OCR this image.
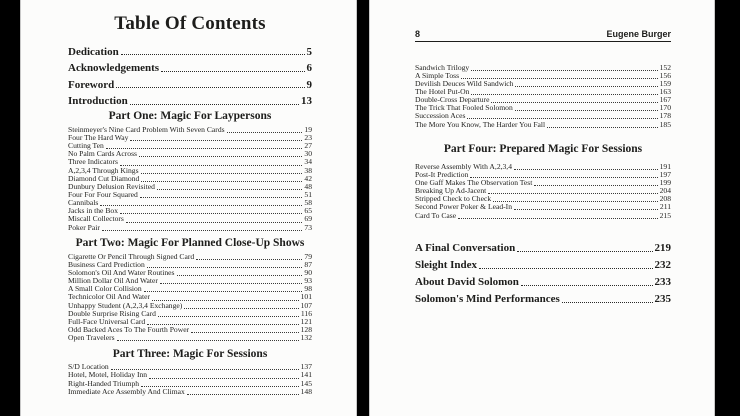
Table Of Contents
Dedication	5
Acknowledgements	6
Foreword	9
Introduction	13
Part One: Magic For Laypersons
Steinmeyer's Nine Card Problem With Seven Cards	19
Four The Hard Way	23
Cutting Ten	27
No Palm Cards Across	30
Three Indicators	34
A,2,3,4 Through Kings	38
Diamond Cut Diamond	42
Dunbury Delusion Revisited	48
Four For Four Squared	51
Cannibals	58
Jacks in the Box	65
Miscall Collectors	69
Poker Pair	73
Part Two: Magic For Planned Close-Up Shows
Cigarette Or Pencil Through Signed Card	79
Business Card Prediction	87
Solomon's Oil And Water Routines	90
Million Dollar Oil And Water	93
A Small Color Collision	98
Technicolor Oil And Water	101
Unhappy Student (A,2,3,4 Exchange)	107
Double Surprise Rising Card	116
Full-Face Universal Card	121
Odd Backed Aces To The Fourth Power	128
Open Travelers	132
Part Three: Magic For Sessions
S/D Location	137
Hotel, Motel, Holiday Inn	141
Right-Handed Triumph	145
Immediate Ace Assembly And Climax	148
8	Eugene Burger
Sandwich Trilogy	152
A Simple Toss	156
Devilish Deuces Wild Sandwich	159
The Hotel Put-On	163
Double-Cross Departure	167
The Trick That Fooled Solomon	170
Succession Aces	178
The More You Know, The Harder You Fall	185
Part Four: Prepared Magic For Sessions
Reverse Assembly With A,2,3,4	191
Post-It Prediction	197
One Gaff Makes The Observation Test	199
Breaking Up Ad-Jacent	204
Stripped Check to Check	208
Second Power Poker & Lead-In	211
Card To Case	215
A Final Conversation	219
Sleight Index	232
About David Solomon	233
Solomon's Mind Performances	235
